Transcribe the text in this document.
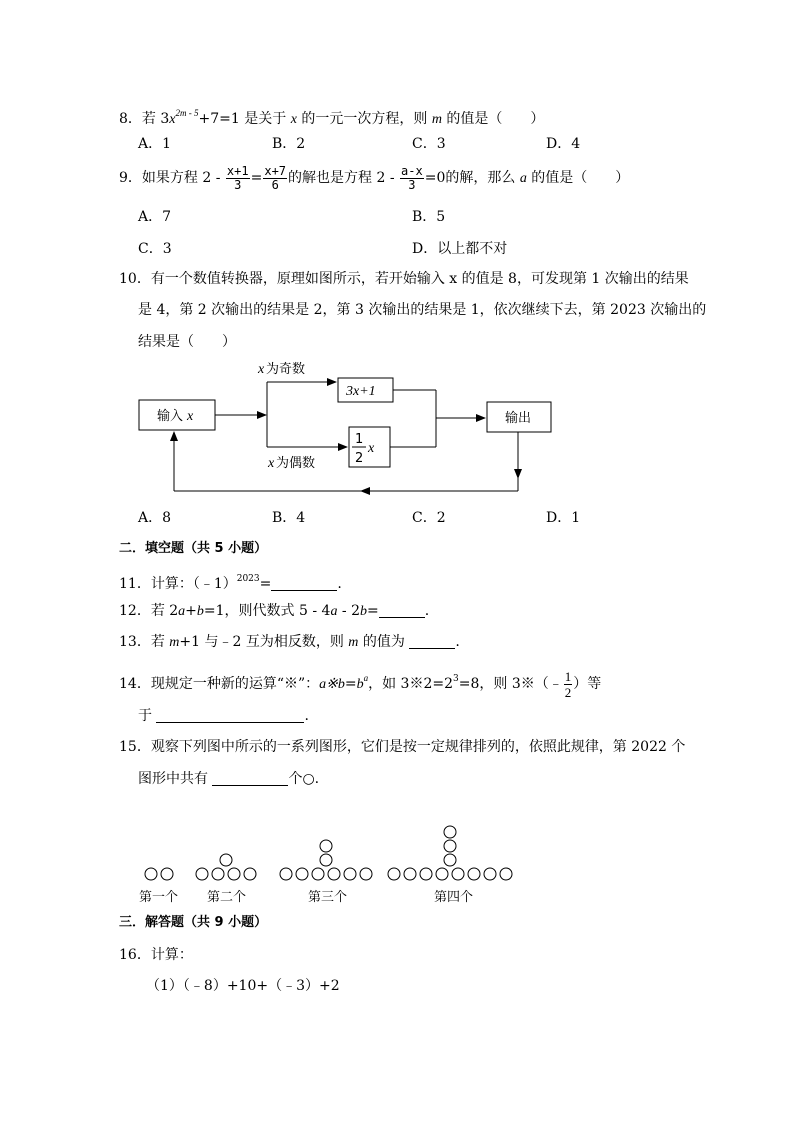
8．若 $3x^{2m - 5}+7=1$ 是关于 x 的一元一次方程，则 m 的值是（　　）
A．1	B．2	C．3	D．4
9．如果方程 $2 - \frac{x+1}{3} = \frac{x+7}{6}$ 的解也是方程 $2 - \frac{a-x}{3} =0$的解，那么 a 的值是（　　）
A．7	B．5
C．3	D．以上都不对
10．有一个数值转换器，原理如图所示，若开始输入 x 的值是 8，可发现第 1 次输出的结果
是 4，第 2 次输出的结果是 2，第 3 次输出的结果是 1，依次继续下去，第 2023 次输出的
结果是（　　）
输入 x
x 为奇数
3x+1
x 为偶数
1
2
x
输出
A．8	B．4	C．2	D．1
二．填空题（共 5 小题）
11．计算：（﹣1）$^{2023}$=	.
12．若 2a+b=1，则代数式 5 - 4a - 2b=	.
13．若 m+1 与﹣2 互为相反数，则 m 的值为	.
14．现规定一种新的运算“※”：$a※b=b^a$，如 $3※2=2^3=8$，则 3※（﹣ $\frac{1}{2}$ ）等
于	.
15．观察下列图中所示的一系列图形，它们是按一定规律排列的，依照此规律，第 2022 个
图形中共有	个○.
第一个 第二个	第三个	第四个
三．解答题（共 9 小题）
16．计算：
（1）（﹣8）+10+（﹣3）+2
